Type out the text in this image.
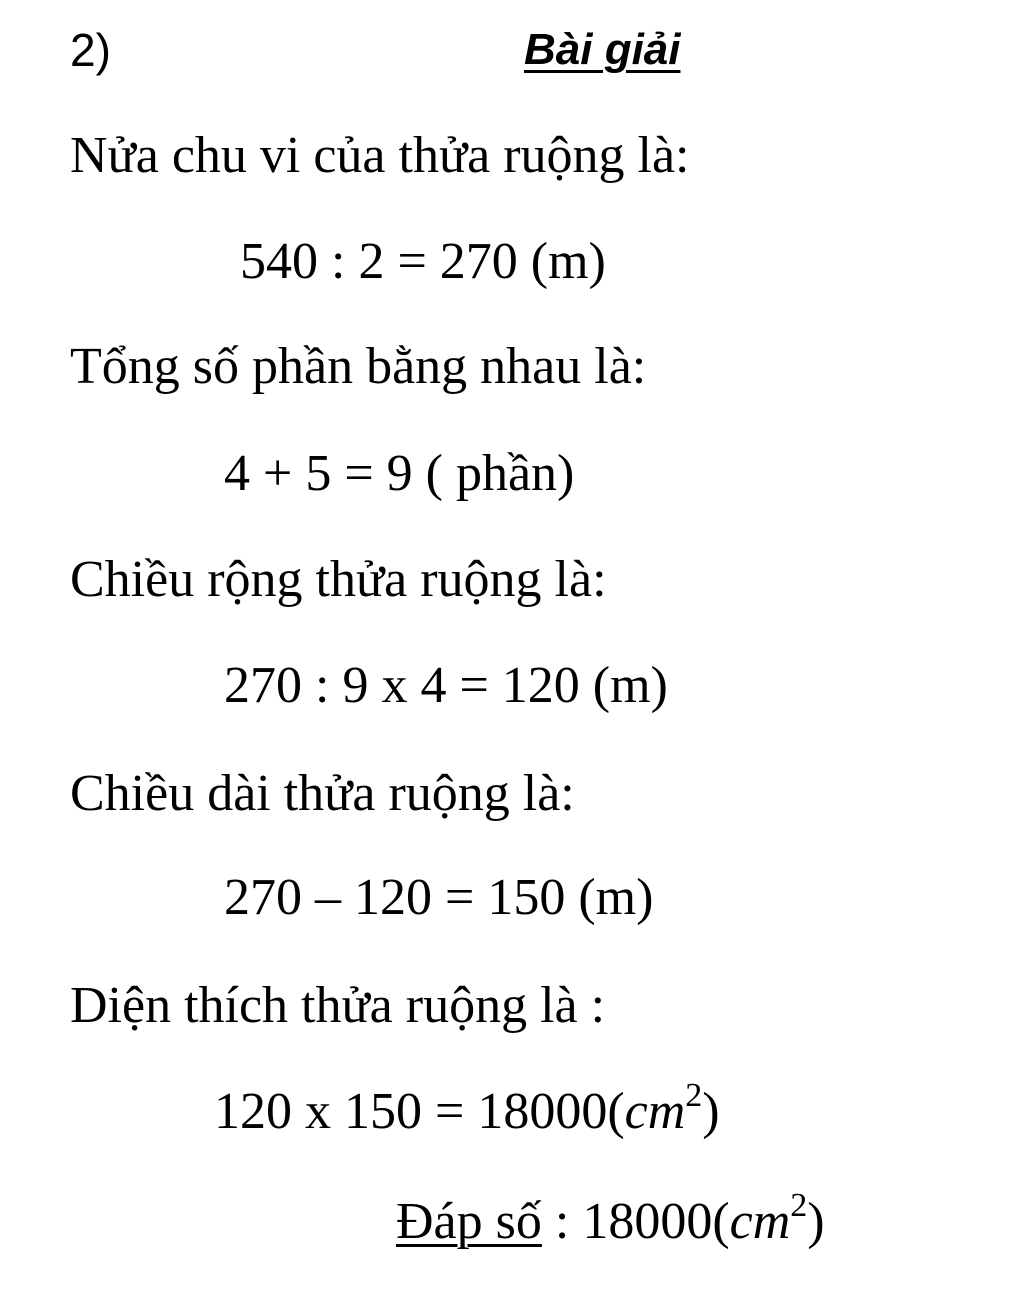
2)	Bài giải
Nửa chu vi của thửa ruộng là:
540 : 2 = 270 (m)
Tổng số phần bằng nhau là:
4 + 5 = 9 ( phần)
Chiều rộng thửa ruộng là:
270 : 9 x 4 = 120 (m)
Chiều dài thửa ruộng là:
270 – 120 = 150 (m)
Diện thích thửa ruộng là :
120 x $150 = 18000(cm^2)$
Đáp số : $18000(cm^2)$
